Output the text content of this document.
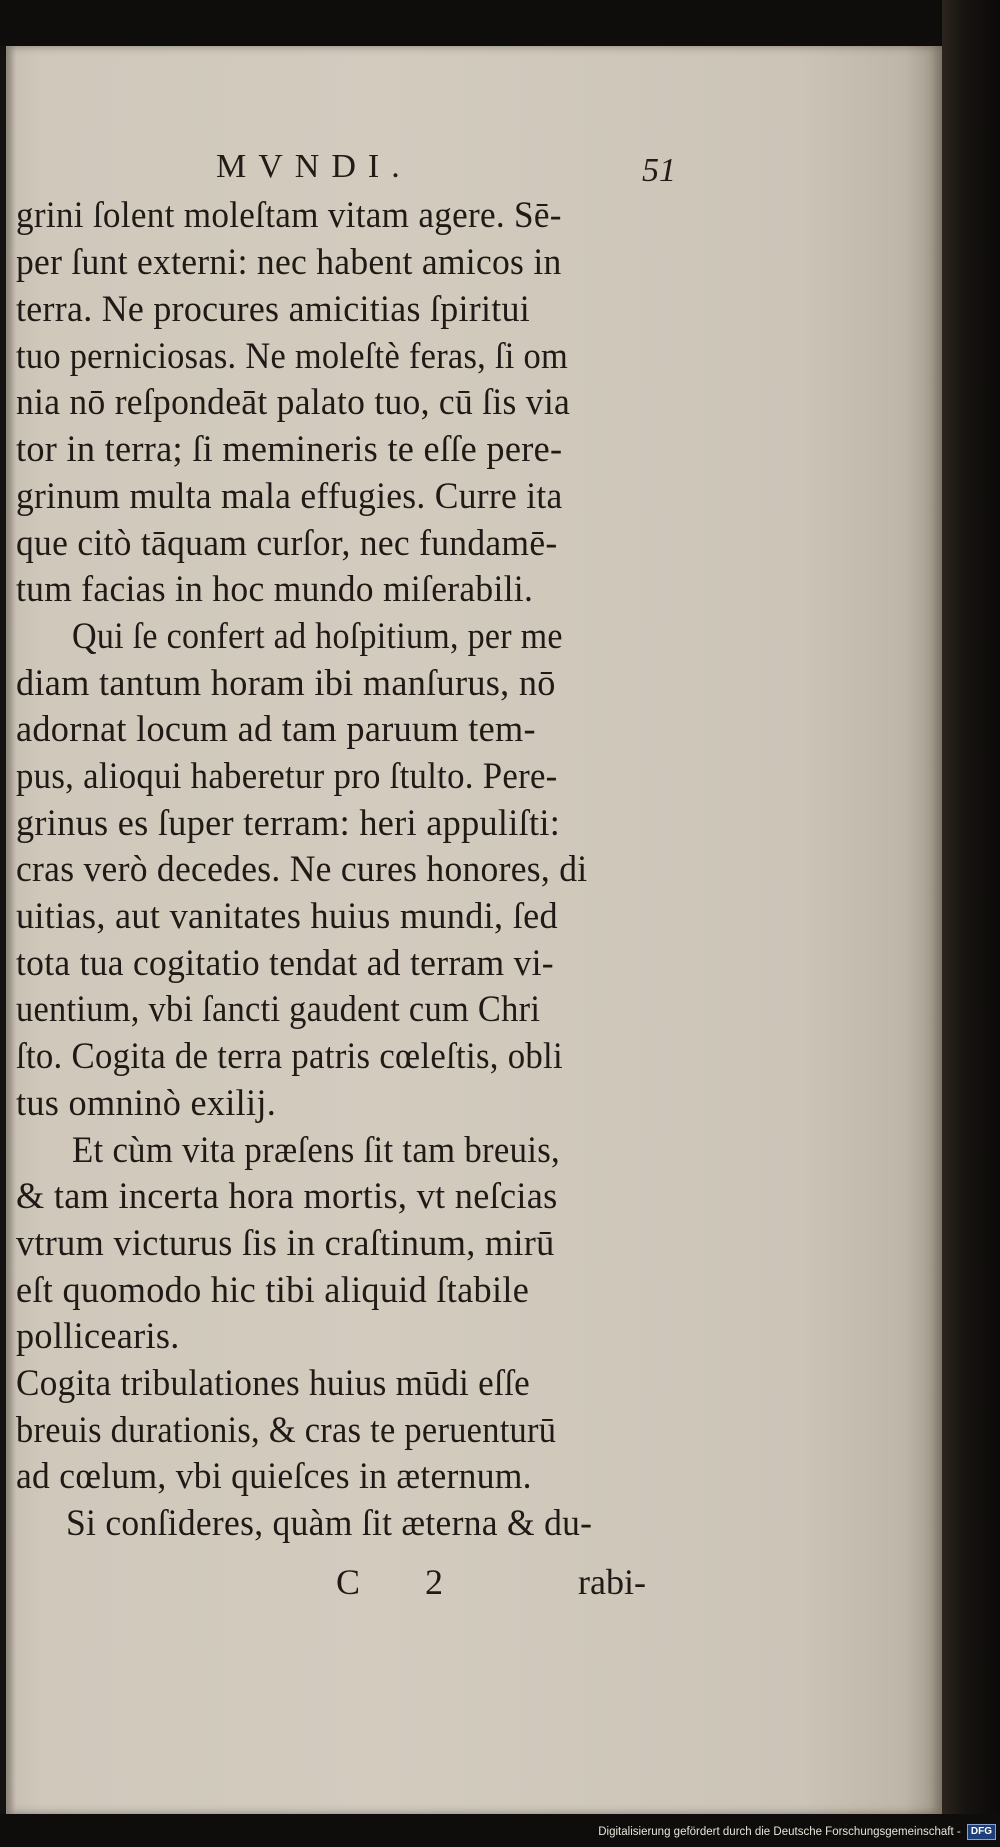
MVNDI.	51
grini ſolent moleſtam vitam agere. Sē-
per ſunt externi: nec habent amicos in
terra. Ne procures amicitias ſpiritui
tuo perniciosas. Ne moleſtè feras, ſi om
nia nō reſpondeāt palato tuo, cū ſis via
tor in terra; ſi memineris te eſſe pere-
grinum multa mala effugies. Curre ita
que citò tāquam curſor, nec fundamē-
tum facias in hoc mundo miſerabili.
Qui ſe confert ad hoſpitium, per me
diam tantum horam ibi manſurus, nō
adornat locum ad tam paruum tem-
pus, alioqui haberetur pro ſtulto. Pere-
grinus es ſuper terram: heri appuliſti:
cras verò decedes. Ne cures honores, di
uitias, aut vanitates huius mundi, ſed
tota tua cogitatio tendat ad terram vi-
uentium, vbi ſancti gaudent cum Chri
ſto. Cogita de terra patris cœleſtis, obli
tus omninò exilij.
Et cùm vita præſens ſit tam breuis,
& tam incerta hora mortis, vt neſcias
vtrum victurus ſis in craſtinum, mirū
eſt quomodo hic tibi aliquid ſtabile
pollicearis.
Cogita tribulationes huius mūdi eſſe
breuis durationis, & cras te peruenturū
ad cœlum, vbi quieſces in æternum.
Si conſideres, quàm ſit æterna & du-
C 2	rabi-
Digitalisierung gefördert durch die Deutsche Forschungsgemeinschaft - DFG
